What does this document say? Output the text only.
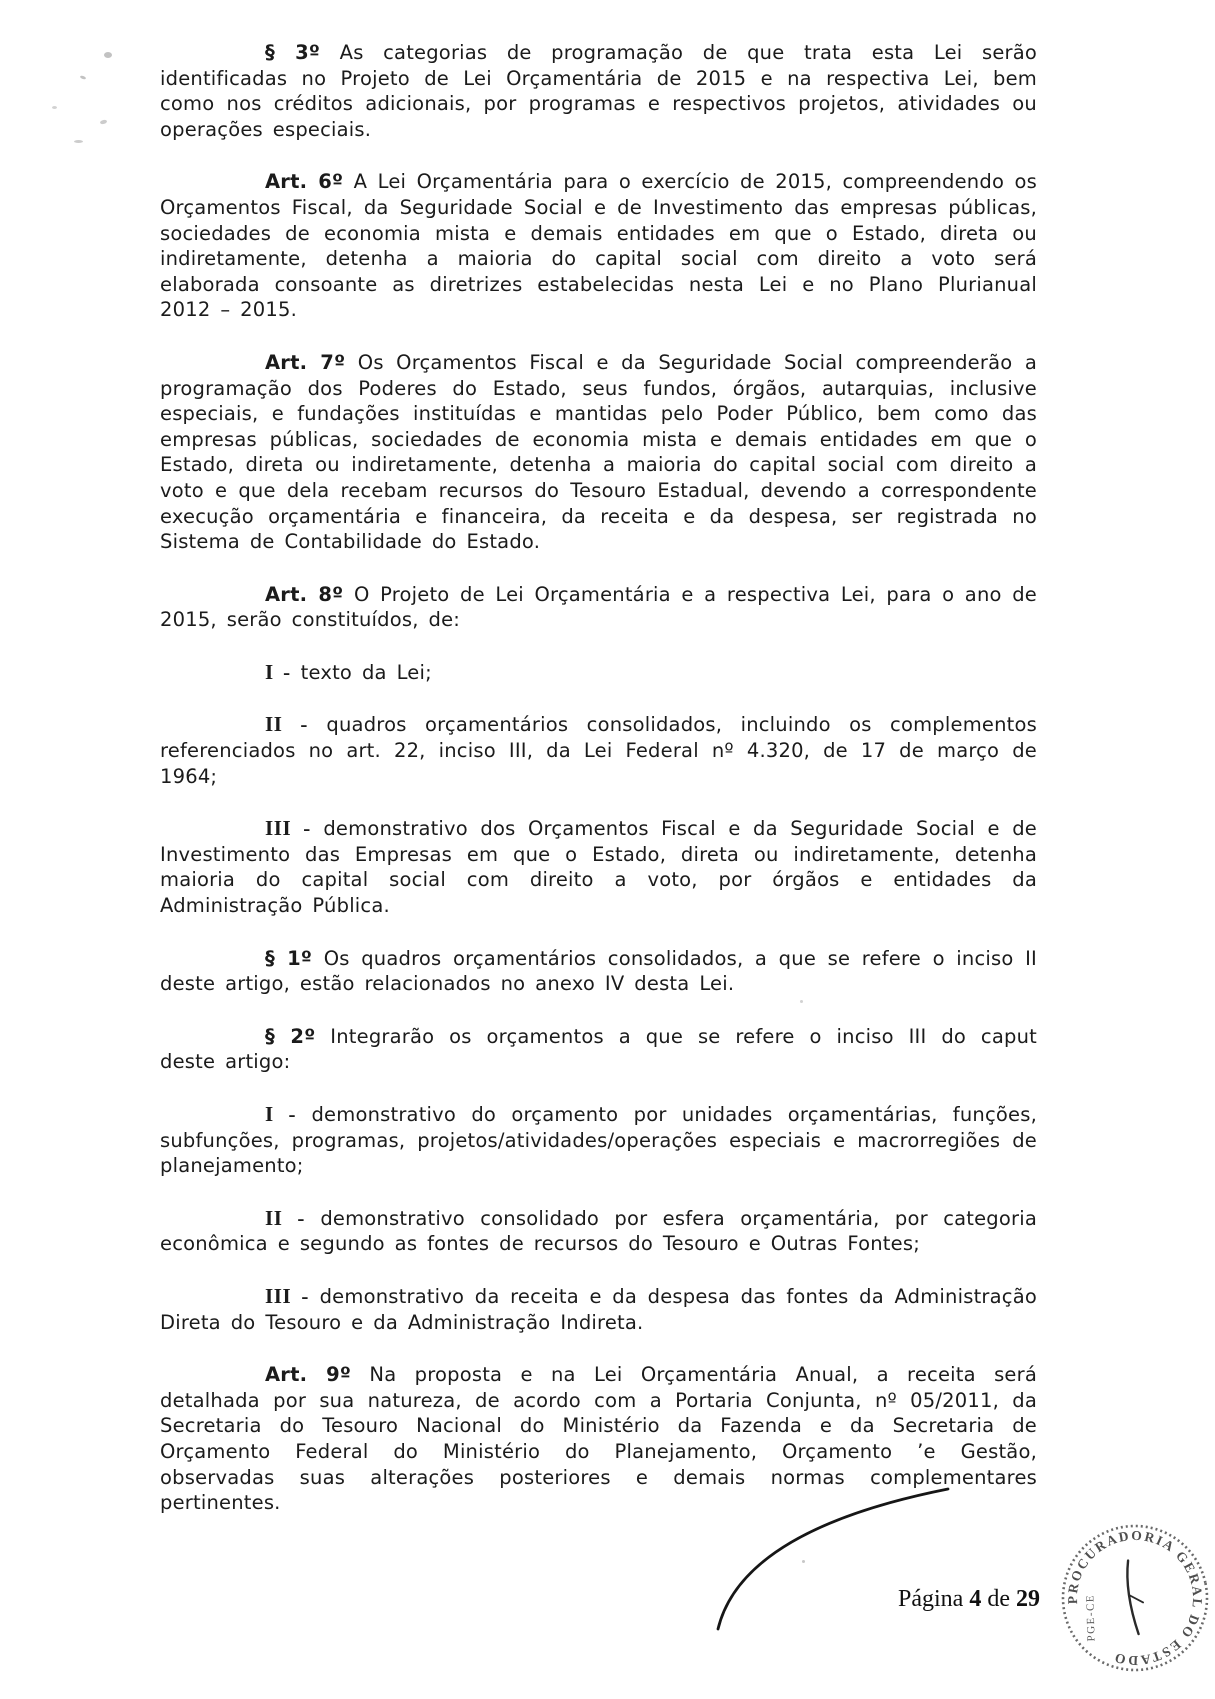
§ 3º As categorias de programação de que trata esta Lei serão identificadas no Projeto de Lei Orçamentária de 2015 e na respectiva Lei, bem como nos créditos adicionais, por programas e respectivos projetos, atividades ou operações especiais.

Art. 6º A Lei Orçamentária para o exercício de 2015, compreendendo os Orçamentos Fiscal, da Seguridade Social e de Investimento das empresas públicas, sociedades de economia mista e demais entidades em que o Estado, direta ou indiretamente, detenha a maioria do capital social com direito a voto será elaborada consoante as diretrizes estabelecidas nesta Lei e no Plano Plurianual 2012 – 2015.

Art. 7º Os Orçamentos Fiscal e da Seguridade Social compreenderão a programação dos Poderes do Estado, seus fundos, órgãos, autarquias, inclusive especiais, e fundações instituídas e mantidas pelo Poder Público, bem como das empresas públicas, sociedades de economia mista e demais entidades em que o Estado, direta ou indiretamente, detenha a maioria do capital social com direito a voto e que dela recebam recursos do Tesouro Estadual, devendo a correspondente execução orçamentária e financeira, da receita e da despesa, ser registrada no Sistema de Contabilidade do Estado.

Art. 8º O Projeto de Lei Orçamentária e a respectiva Lei, para o ano de 2015, serão constituídos, de:

I - texto da Lei;

II - quadros orçamentários consolidados, incluindo os complementos referenciados no art. 22, inciso III, da Lei Federal nº 4.320, de 17 de março de 1964;

III - demonstrativo dos Orçamentos Fiscal e da Seguridade Social e de Investimento das Empresas em que o Estado, direta ou indiretamente, detenha maioria do capital social com direito a voto, por órgãos e entidades da Administração Pública.

§ 1º Os quadros orçamentários consolidados, a que se refere o inciso II deste artigo, estão relacionados no anexo IV desta Lei.

§ 2º Integrarão os orçamentos a que se refere o inciso III do caput deste artigo:

I - demonstrativo do orçamento por unidades orçamentárias, funções, subfunções, programas, projetos/atividades/operações especiais e macrorregiões de planejamento;

II - demonstrativo consolidado por esfera orçamentária, por categoria econômica e segundo as fontes de recursos do Tesouro e Outras Fontes;

III - demonstrativo da receita e da despesa das fontes da Administração Direta do Tesouro e da Administração Indireta.

Art. 9º Na proposta e na Lei Orçamentária Anual, a receita será detalhada por sua natureza, de acordo com a Portaria Conjunta, nº 05/2011, da Secretaria do Tesouro Nacional do Ministério da Fazenda e da Secretaria de Orçamento Federal do Ministério do Planejamento, Orçamento ʼe Gestão, observadas suas alterações posteriores e demais normas complementares pertinentes.

Página 4 de 29	PROCURADORIA GERAL DO ESTADO
PGE-CE
